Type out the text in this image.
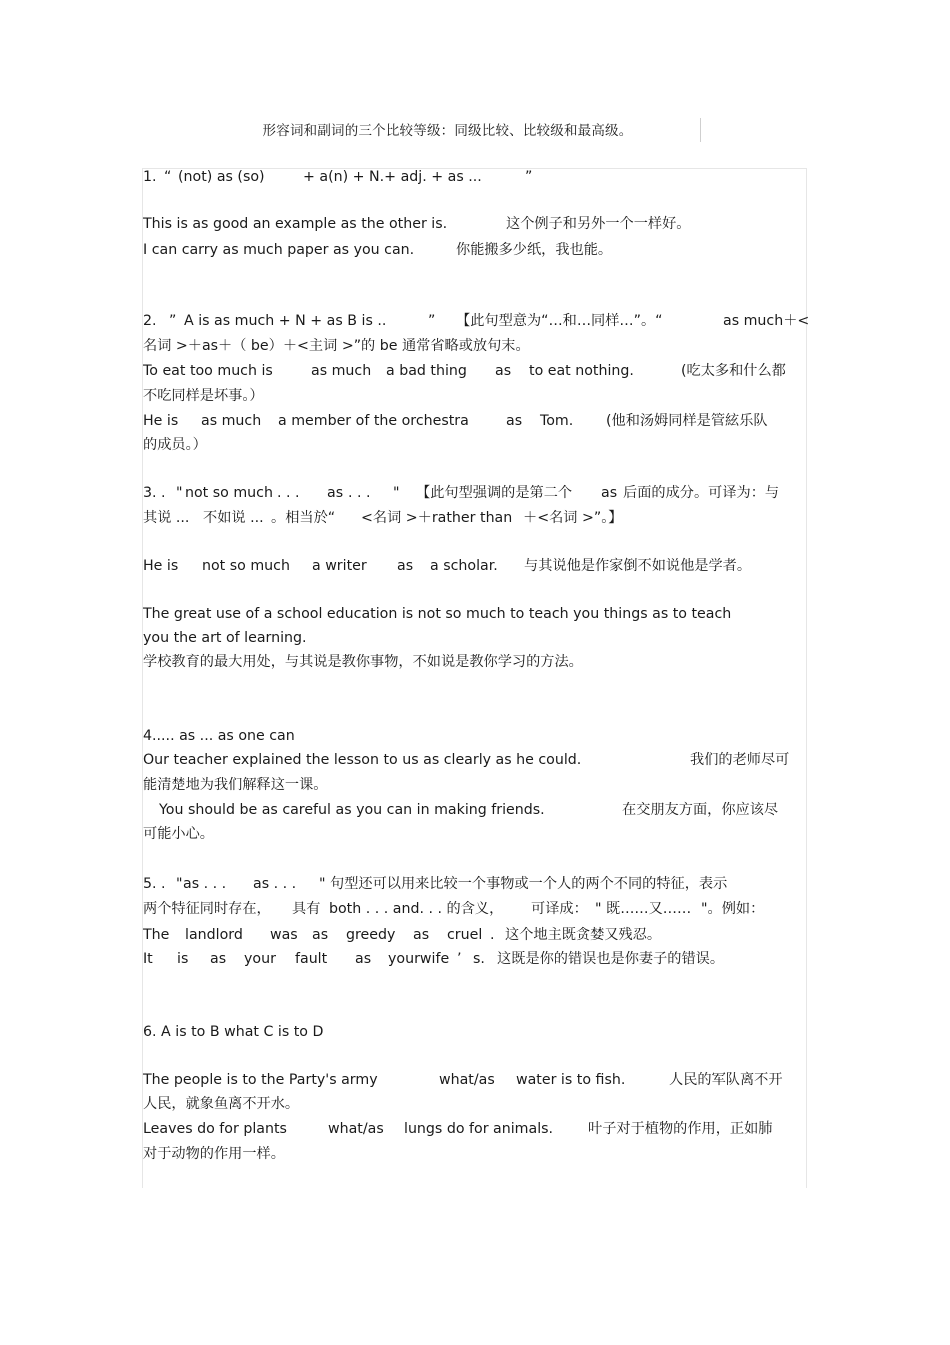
形容词和副词的三个比较等级：同级比较、比较级和最高级。
1. “ (not) as (so)	+ a(n) + N.+ adj. + as ...	”
This is as good an example as the other is.	这个例子和另外一个一样好。
I can carry as much paper as you can.	你能搬多少纸，我也能。
2. ” A is as much + N + as B is ..	” 【此句型意为“…和…同样…”。“	as much＋<
名词 >＋as＋（ be）＋<主词 >”的 be 通常省略或放句末。
To eat too much is	as much a bad thing as to eat nothing.	(吃太多和什么都
不吃同样是坏事。）
He is as much a member of the orchestra	as Tom. (他和汤姆同样是管絃乐队
的成员。）
3. . " not so much . . . as . . . " 【此句型强调的是第二个 as 后面的成分。可译为：与
其说 ... 不如说 ... 。相当於“ <名词 >＋rather than ＋<名词 >”。】
He is not so much a writer as a scholar. 与其说他是作家倒不如说他是学者。
The great use of a school education is not so much to teach you things as to teach
you the art of learning.
学校教育的最大用处，与其说是教你事物，不如说是教你学习的方法。
4..... as ... as one can
Our teacher explained the lesson to us as clearly as he could.	我们的老师尽可
能清楚地为我们解释这一课。
You should be as careful as you can in making friends.	在交朋友方面，你应该尽
可能小心。
5. . " as . . . as . . . " 句型还可以用来比较一个事物或一个人的两个不同的特征，表示
两个特征同时存在， 具有 both . . . and. . . 的含义， 可译成： " 既……又…… "。例如：
The landlord was as greedy as cruel . 这个地主既贪婪又残忍。
It is as your fault as yourwife ’ s. 这既是你的错误也是你妻子的错误。
6. A is to B what C is to D
The people is to the Party's army	what/as water is to fish.	人民的军队离不开
人民，就象鱼离不开水。
Leaves do for plants	what/as lungs do for animals. 叶子对于植物的作用，正如肺
对于动物的作用一样。
